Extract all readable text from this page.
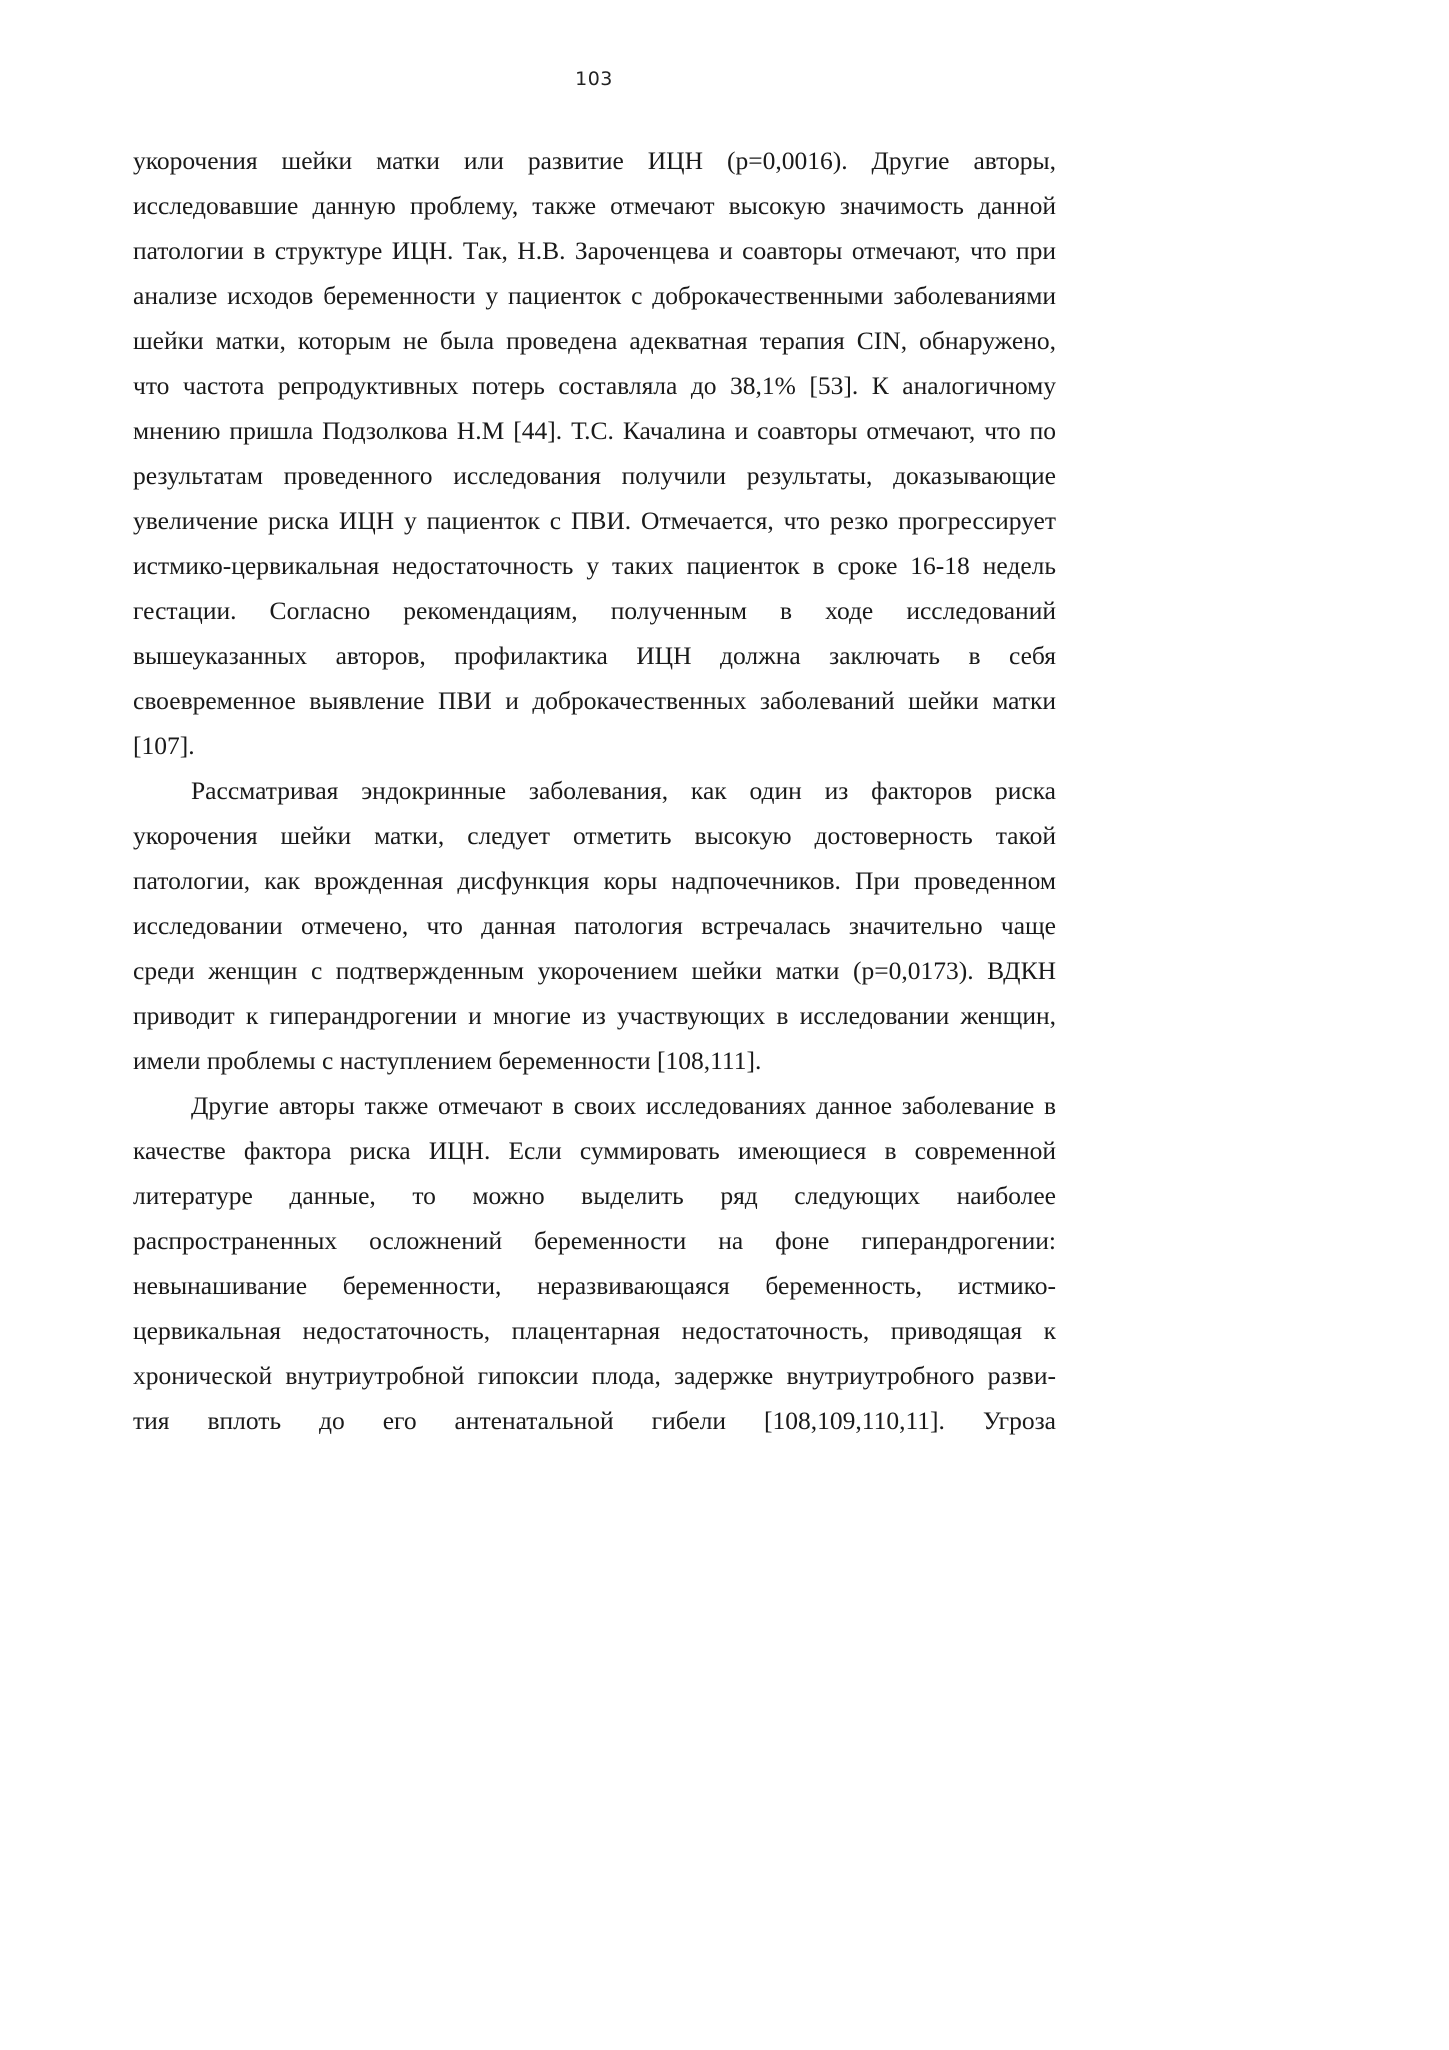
103
укорочения шейки матки или развитие ИЦН (p=0,0016). Другие авторы,
исследовавшие данную проблему, также отмечают высокую значимость данной
патологии в структуре ИЦН. Так, Н.В. Зароченцева и соавторы отмечают, что при
анализе исходов беременности у пациенток с доброкачественными заболеваниями
шейки матки, которым не была проведена адекватная терапия CIN, обнаружено,
что частота репродуктивных потерь составляла до 38,1% [53]. К аналогичному
мнению пришла Подзолкова Н.М [44]. Т.С. Качалина и соавторы отмечают, что по
результатам проведенного исследования получили результаты, доказывающие
увеличение риска ИЦН у пациенток с ПВИ. Отмечается, что резко прогрессирует
истмико-цервикальная недостаточность у таких пациенток в сроке 16-18 недель
гестации. Согласно рекомендациям, полученным в ходе исследований
вышеуказанных авторов, профилактика ИЦН должна заключать в себя
своевременное выявление ПВИ и доброкачественных заболеваний шейки матки
[107].
Рассматривая эндокринные заболевания, как один из факторов риска
укорочения шейки матки, следует отметить высокую достоверность такой
патологии, как врожденная дисфункция коры надпочечников. При проведенном
исследовании отмечено, что данная патология встречалась значительно чаще
среди женщин с подтвержденным укорочением шейки матки (p=0,0173). ВДКН
приводит к гиперандрогении и многие из участвующих в исследовании женщин,
имели проблемы с наступлением беременности [108,111].
Другие авторы также отмечают в своих исследованиях данное заболевание в
качестве фактора риска ИЦН. Если суммировать имеющиеся в современной
литературе данные, то можно выделить ряд следующих наиболее
распространенных осложнений беременности на фоне гиперандрогении:
невынашивание беременности, неразвивающаяся беременность, истмико-
цервикальная недостаточность, плацентарная недостаточность, приводящая к
хронической внутриутробной гипоксии плода, задержке внутриутробного разви-
тия вплоть до его антенатальной гибели [108,109,110,11]. Угроза
